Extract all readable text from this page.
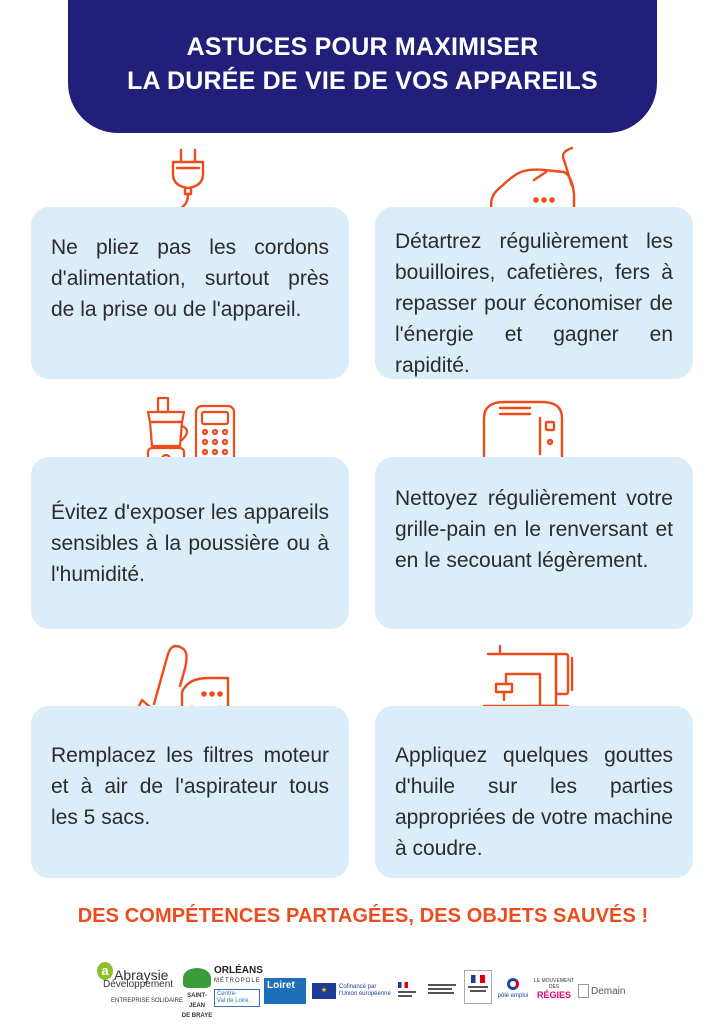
ASTUCES POUR MAXIMISER
LA DURÉE DE VIE DE VOS APPAREILS

Ne pliez pas les cordons d'alimentation, surtout près de la prise ou de l'appareil.

Détartrez régulièrement les bouilloires, cafetières, fers à repasser pour économiser de l'énergie et gagner en rapidité.

Évitez d'exposer les appareils sensibles à la poussière ou à l'humidité.

Nettoyez régulièrement votre grille-pain en le renversant et en le secouant légèrement.

Remplacez les filtres moteur et à air de l'aspirateur tous les 5 sacs.

Appliquez quelques gouttes d'huile sur les parties appropriées de votre machine à coudre.

DES COMPÉTENCES PARTAGÉES, DES OBJETS SAUVÉS !
a Abraysie
Développement
ENTREPRISE SOLIDAIRE
SAINT-JEAN
DE BRAYE
ORLÉANS
MÉTROPOLE
Centre-
Val de Loire
Loiret	★	Cofinancé par
l'Union européenne	pôle emploi
LE MOUVEMENT
DES
RÉGIES	Demain
